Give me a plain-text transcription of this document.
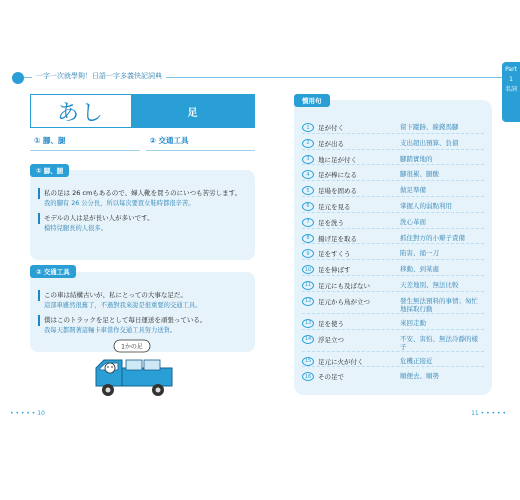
一字一次就學夠！日語一字多義快記詞典
Part
1
名詞
あし	足
① 腳、腿	② 交通工具
私の足は 26 cmもあるので、婦人靴を買うのにいつも苦労します。
我的腳有 26 公分長，所以每次要買女鞋時都很辛苦。
モデルの人は足が長い人が多いです。
模特兒腿長的人很多。
① 腳、腿
この車は結構古いが、私にとっての大事な足だ。
這部車雖然很舊了，不過對我來說是很重要的交通工具。
僕はこのトラックを足として毎日運送を頑張っている。
我每天都開著這輛卡車當作交通工具努力送貨。
② 交通工具
1かの足
1	足が付く	留下蹤跡、線錢馬腳
2	足が出る	支出超出預算、負債
3	地に足が付く	腳踏實地的
4	足が棒になる	腳很累、腿酸
5	足場を固める	做足準備
6	足元を見る	掌握人的弱點利用
7	足を洗う	洗心革面
8	揚げ足を取る	抓住對方的小辮子責備
9	足をすくう	陷害、捅一刀
10	足を伸ばす	移動、到某處
11	足元にも及ばない	天差地別、無法比較
12	足元から鳥が立つ	發生無法預料的事情；匆忙地採取行動
13	足を使う	來回走動
14	浮足立つ	不安、害怕、無法冷靜的樣子
15	足元に火が付く	危機正接近
16	その足で	順便去、順勢
慣用句
• • • • • 10	11 • • • • •
